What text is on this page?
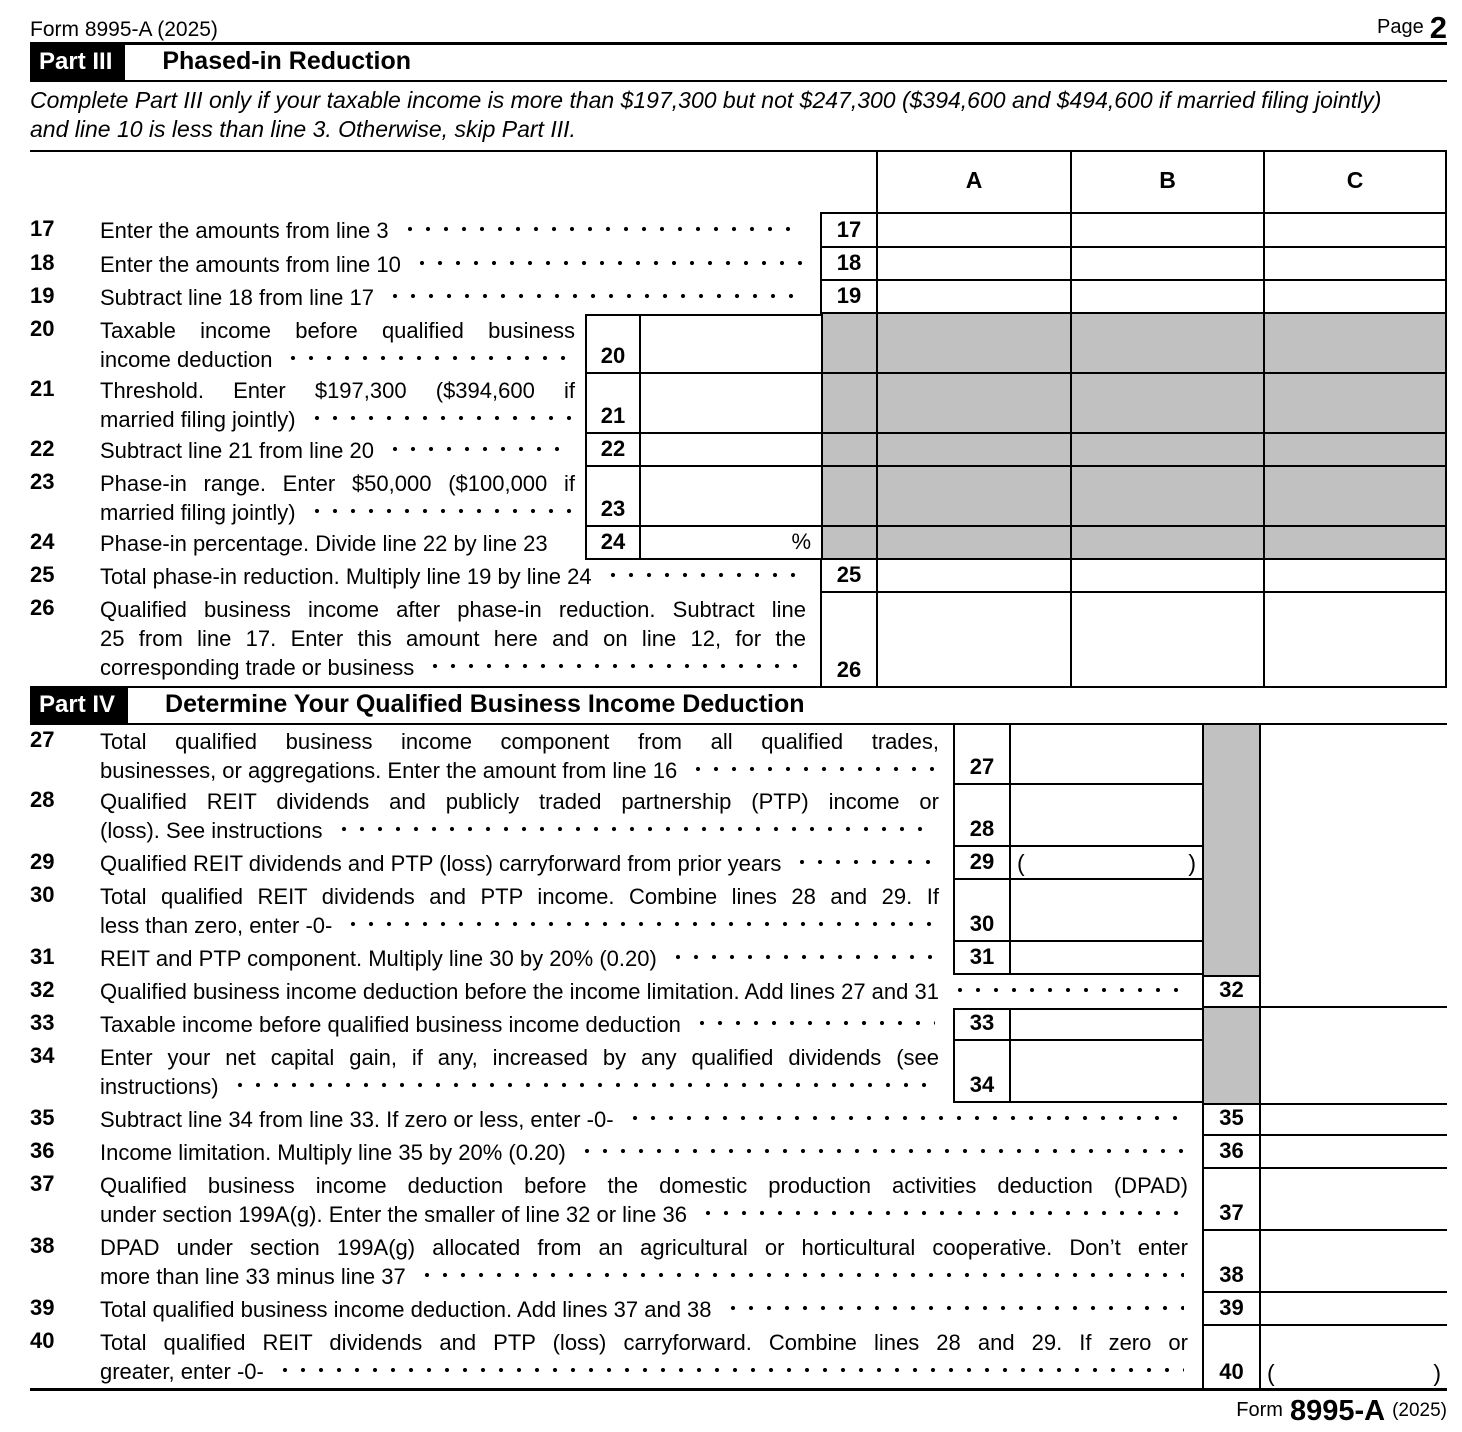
Form 8995-A (2025)	Page 2
Part III	Phased-in Reduction
Complete Part III only if your taxable income is more than $197,300 but not $247,300 ($394,600 and $494,600 if married filing jointly)
and line 10 is less than line 3. Otherwise, skip Part III.
A	B	C
17	Enter the amounts from line 3	17
18	Enter the amounts from line 10	18
19	Subtract line 18 from line 17	19
20	Taxable income before qualified business
income deduction	20
21	Threshold. Enter $197,300 ($394,600 if
married filing jointly)	21
22	Subtract line 21 from line 20	22
23	Phase-in range. Enter $50,000 ($100,000 if
married filing jointly)	23
24	Phase-in percentage. Divide line 22 by line 23	24	%
25	Total phase-in reduction. Multiply line 19 by line 24	25
26	Qualified business income after phase-in reduction. Subtract line
25 from line 17. Enter this amount here and on line 12, for the
corresponding trade or business	26
Part IV	Determine Your Qualified Business Income Deduction
27	Total qualified business income component from all qualified trades,
businesses, or aggregations. Enter the amount from line 16	27
28	Qualified REIT dividends and publicly traded partnership (PTP) income or
(loss). See instructions	28
29	Qualified REIT dividends and PTP (loss) carryforward from prior years	29 (	)
30	Total qualified REIT dividends and PTP income. Combine lines 28 and 29. If
less than zero, enter -0-	30
31	REIT and PTP component. Multiply line 30 by 20% (0.20)	31
32	Qualified business income deduction before the income limitation. Add lines 27 and 31	32
33	Taxable income before qualified business income deduction	33
34	Enter your net capital gain, if any, increased by any qualified dividends (see
instructions)	34
35	Subtract line 34 from line 33. If zero or less, enter -0-	35
36	Income limitation. Multiply line 35 by 20% (0.20)	36
37	Qualified business income deduction before the domestic production activities deduction (DPAD)
under section 199A(g). Enter the smaller of line 32 or line 36	37
38	DPAD under section 199A(g) allocated from an agricultural or horticultural cooperative. Don’t enter
more than line 33 minus line 37	38
39	Total qualified business income deduction. Add lines 37 and 38	39
40	Total qualified REIT dividends and PTP (loss) carryforward. Combine lines 28 and 29. If zero or
greater, enter -0-	40	(	)
Form 8995-A (2025)
